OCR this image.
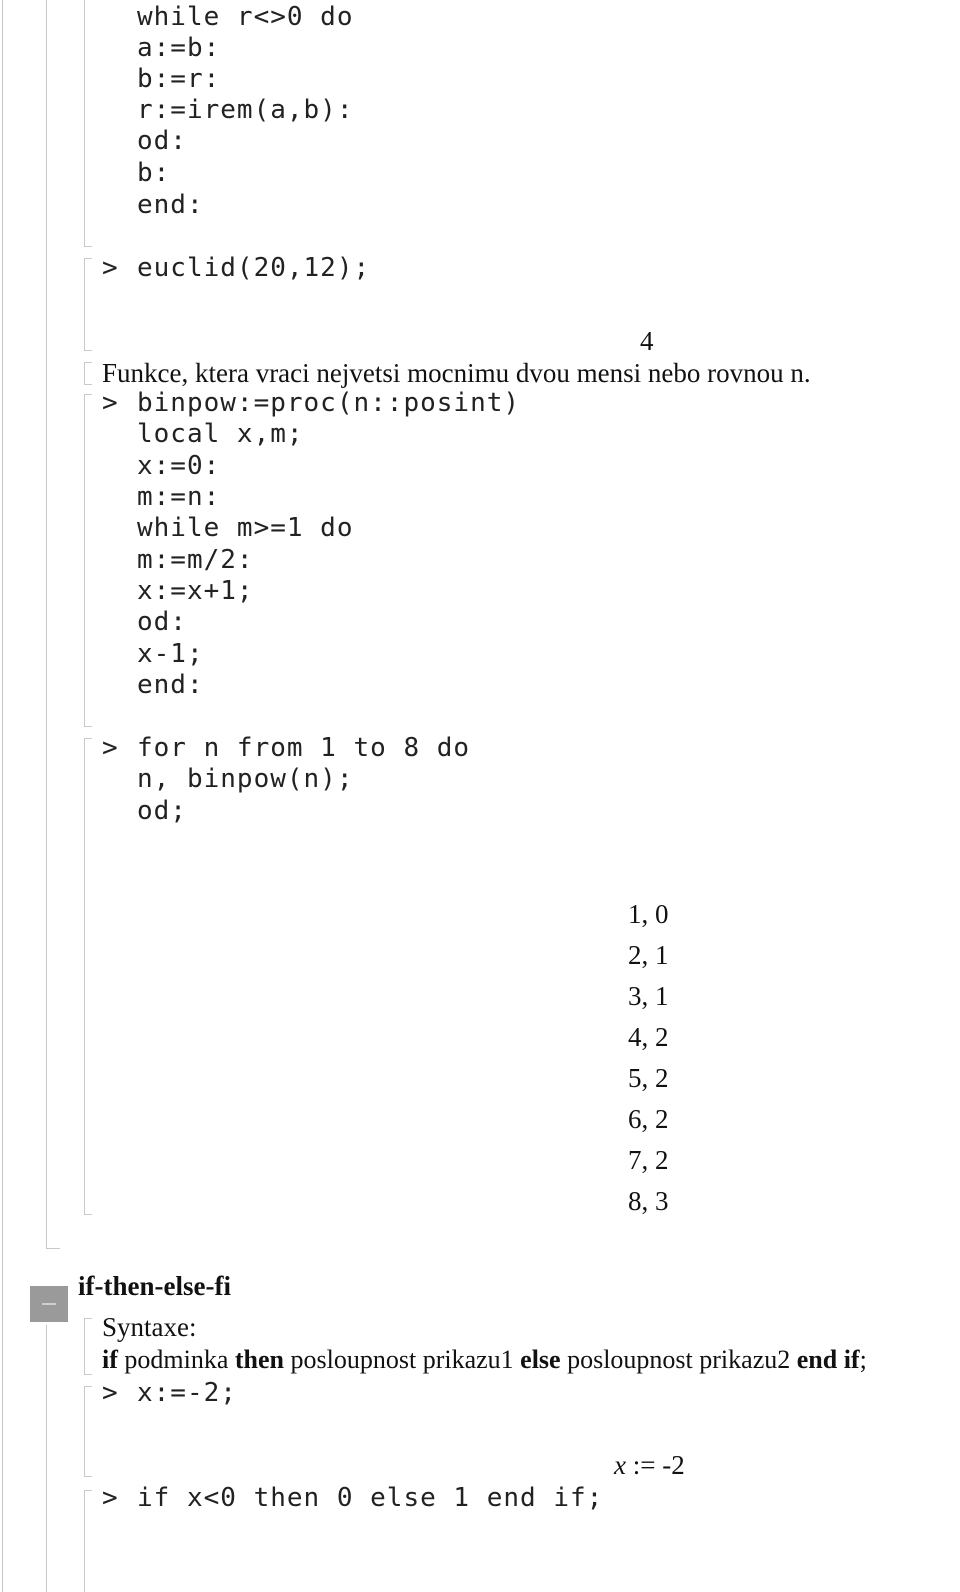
while r<>0 do
a:=b:
b:=r:
r:=irem(a,b):
od:
b:
end:
> euclid(20,12);
4
Funkce, ktera vraci nejvetsi mocnimu dvou mensi nebo rovnou n.
> binpow:=proc(n::posint)
local x,m;
x:=0:
m:=n:
while m>=1 do
m:=m/2:
x:=x+1;
od:
x-1;
end:
> for n from 1 to 8 do
n, binpow(n);
od;
1, 0
2, 1
3, 1
4, 2
5, 2
6, 2
7, 2
8, 3
if-then-else-fi
Syntaxe:
if podminka then posloupnost prikazu1 else posloupnost prikazu2 end if;
> x:=-2;
x := -2
> if x<0 then 0 else 1 end if;
